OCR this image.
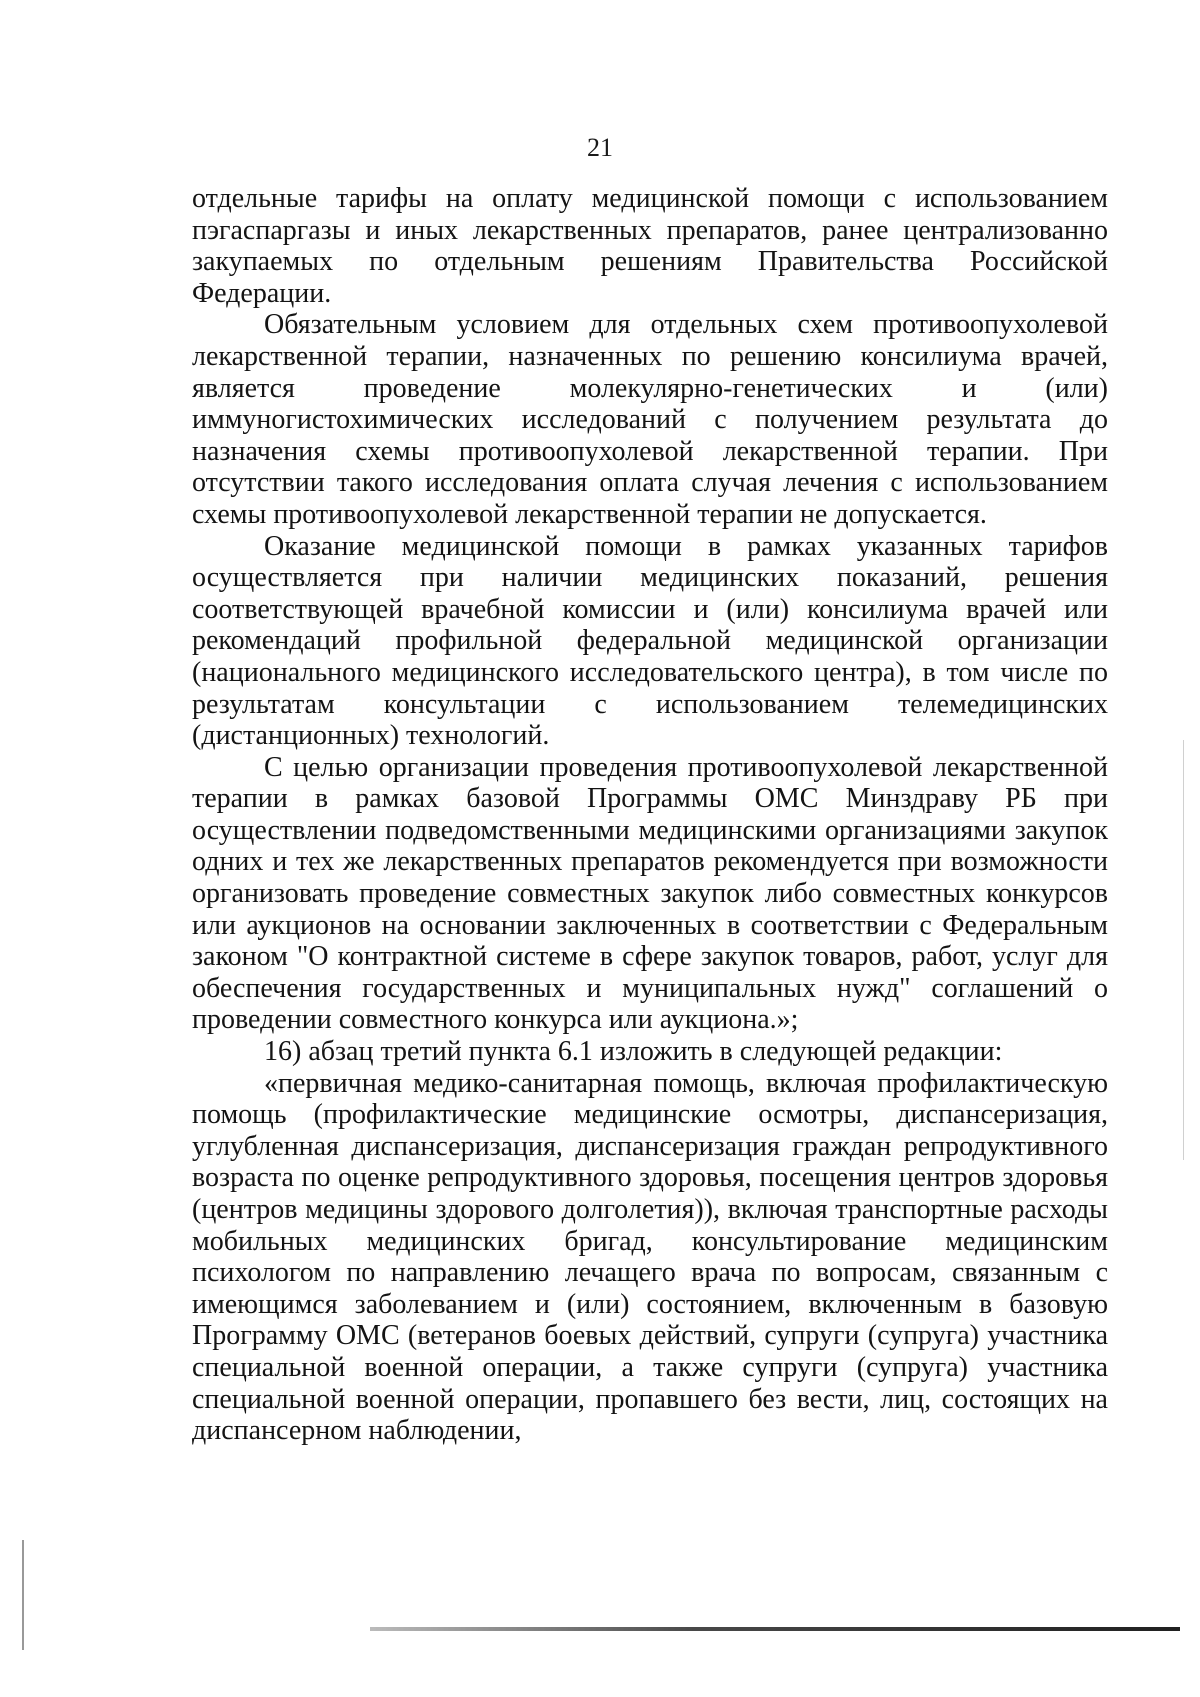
21

отдельные тарифы на оплату медицинской помощи с использованием пэгаспаргазы и иных лекарственных препаратов, ранее централизованно закупаемых по отдельным решениям Правительства Российской Федерации.

Обязательным условием для отдельных схем противоопухолевой лекарственной терапии, назначенных по решению консилиума врачей, является проведение молекулярно-генетических и (или) иммуногистохимических исследований с получением результата до назначения схемы противоопухолевой лекарственной терапии. При отсутствии такого исследования оплата случая лечения с использованием схемы противоопухолевой лекарственной терапии не допускается.

Оказание медицинской помощи в рамках указанных тарифов осуществляется при наличии медицинских показаний, решения соответствующей врачебной комиссии и (или) консилиума врачей или рекомендаций профильной федеральной медицинской организации (национального медицинского исследовательского центра), в том числе по результатам консультации с использованием телемедицинских (дистанционных) технологий.

С целью организации проведения противоопухолевой лекарственной терапии в рамках базовой Программы ОМС Минздраву РБ при осуществлении подведомственными медицинскими организациями закупок одних и тех же лекарственных препаратов рекомендуется при возможности организовать проведение совместных закупок либо совместных конкурсов или аукционов на основании заключенных в соответствии с Федеральным законом "О контрактной системе в сфере закупок товаров, работ, услуг для обеспечения государственных и муниципальных нужд" соглашений о проведении совместного конкурса или аукциона.»;

16) абзац третий пункта 6.1 изложить в следующей редакции:

«первичная медико-санитарная помощь, включая профилактическую помощь (профилактические медицинские осмотры, диспансеризация, углубленная диспансеризация, диспансеризация граждан репродуктивного возраста по оценке репродуктивного здоровья, посещения центров здоровья (центров медицины здорового долголетия)), включая транспортные расходы мобильных медицинских бригад, консультирование медицинским психологом по направлению лечащего врача по вопросам, связанным с имеющимся заболеванием и (или) состоянием, включенным в базовую Программу ОМС (ветеранов боевых действий, супруги (супруга) участника специальной военной операции, а также супруги (супруга) участника специальной военной операции, пропавшего без вести, лиц, состоящих на диспансерном наблюдении,
